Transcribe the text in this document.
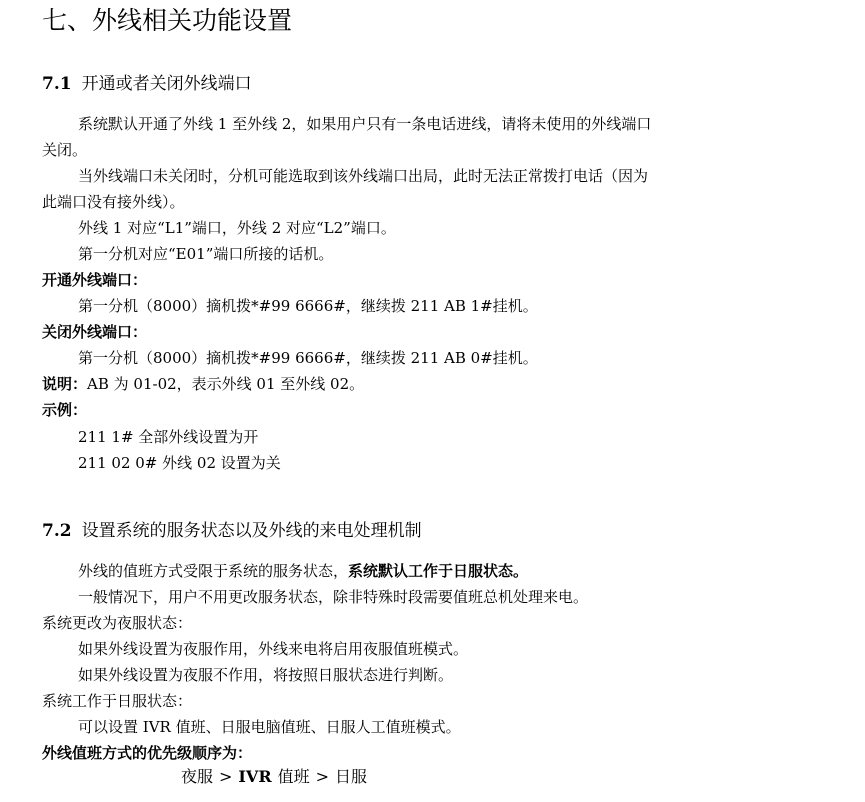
七、外线相关功能设置
7.1 开通或者关闭外线端口
系统默认开通了外线 1 至外线 2，如果用户只有一条电话进线，请将未使用的外线端口
关闭。
当外线端口未关闭时，分机可能选取到该外线端口出局，此时无法正常拨打电话（因为
此端口没有接外线）。
外线 1 对应“L1”端口，外线 2 对应“L2”端口。
第一分机对应“E01”端口所接的话机。
开通外线端口：
第一分机（8000）摘机拨*#99 6666#，继续拨 211 AB 1#挂机。
关闭外线端口：
第一分机（8000）摘机拨*#99 6666#，继续拨 211 AB 0#挂机。
说明：AB 为 01-02，表示外线 01 至外线 02。
示例：
211 1# 全部外线设置为开
211 02 0# 外线 02 设置为关
7.2 设置系统的服务状态以及外线的来电处理机制
外线的值班方式受限于系统的服务状态，系统默认工作于日服状态。
一般情况下，用户不用更改服务状态，除非特殊时段需要值班总机处理来电。
系统更改为夜服状态：
如果外线设置为夜服作用，外线来电将启用夜服值班模式。
如果外线设置为夜服不作用，将按照日服状态进行判断。
系统工作于日服状态：
可以设置 IVR 值班、日服电脑值班、日服人工值班模式。
外线值班方式的优先级顺序为：
夜服 > IVR 值班 > 日服
